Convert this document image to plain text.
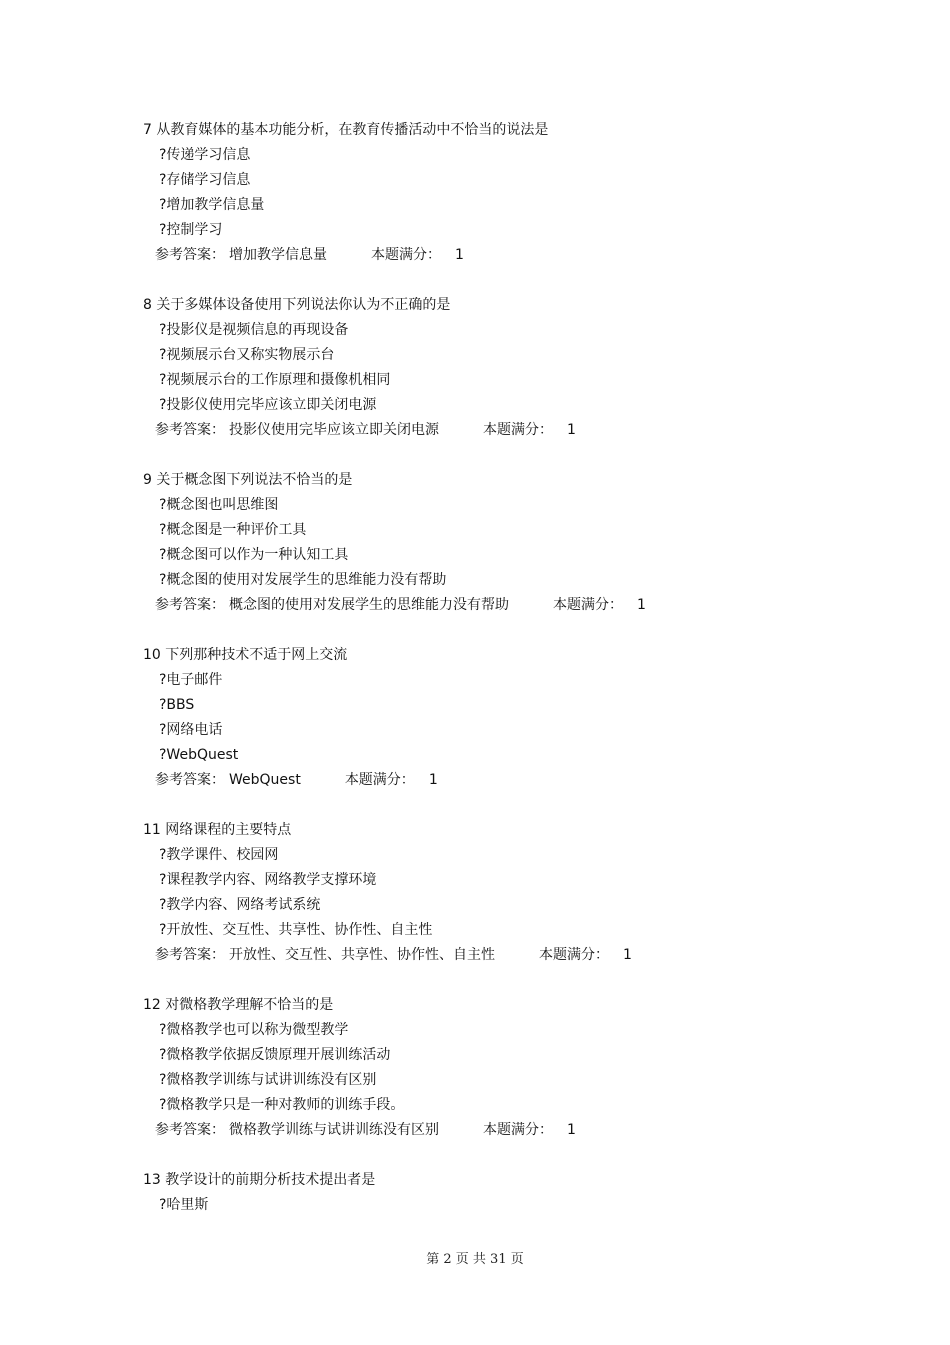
7 从教育媒体的基本功能分析，在教育传播活动中不恰当的说法是
?传递学习信息
?存储学习信息
?增加教学信息量
?控制学习
参考答案： 增加教学信息量	本题满分： 1
8 关于多媒体设备使用下列说法你认为不正确的是
?投影仪是视频信息的再现设备
?视频展示台又称实物展示台
?视频展示台的工作原理和摄像机相同
?投影仪使用完毕应该立即关闭电源
参考答案： 投影仪使用完毕应该立即关闭电源	本题满分： 1
9 关于概念图下列说法不恰当的是
?概念图也叫思维图
?概念图是一种评价工具
?概念图可以作为一种认知工具
?概念图的使用对发展学生的思维能力没有帮助
参考答案： 概念图的使用对发展学生的思维能力没有帮助	本题满分： 1
10 下列那种技术不适于网上交流
?电子邮件
?BBS
?网络电话
?WebQuest
参考答案： WebQuest	本题满分： 1
11 网络课程的主要特点
?教学课件、校园网
?课程教学内容、网络教学支撑环境
?教学内容、网络考试系统
?开放性、交互性、共享性、协作性、自主性
参考答案： 开放性、交互性、共享性、协作性、自主性	本题满分： 1
12 对微格教学理解不恰当的是
?微格教学也可以称为微型教学
?微格教学依据反馈原理开展训练活动
?微格教学训练与试讲训练没有区别
?微格教学只是一种对教师的训练手段。
参考答案： 微格教学训练与试讲训练没有区别	本题满分： 1
13 教学设计的前期分析技术提出者是
?哈里斯
第 2 页 共 31 页
